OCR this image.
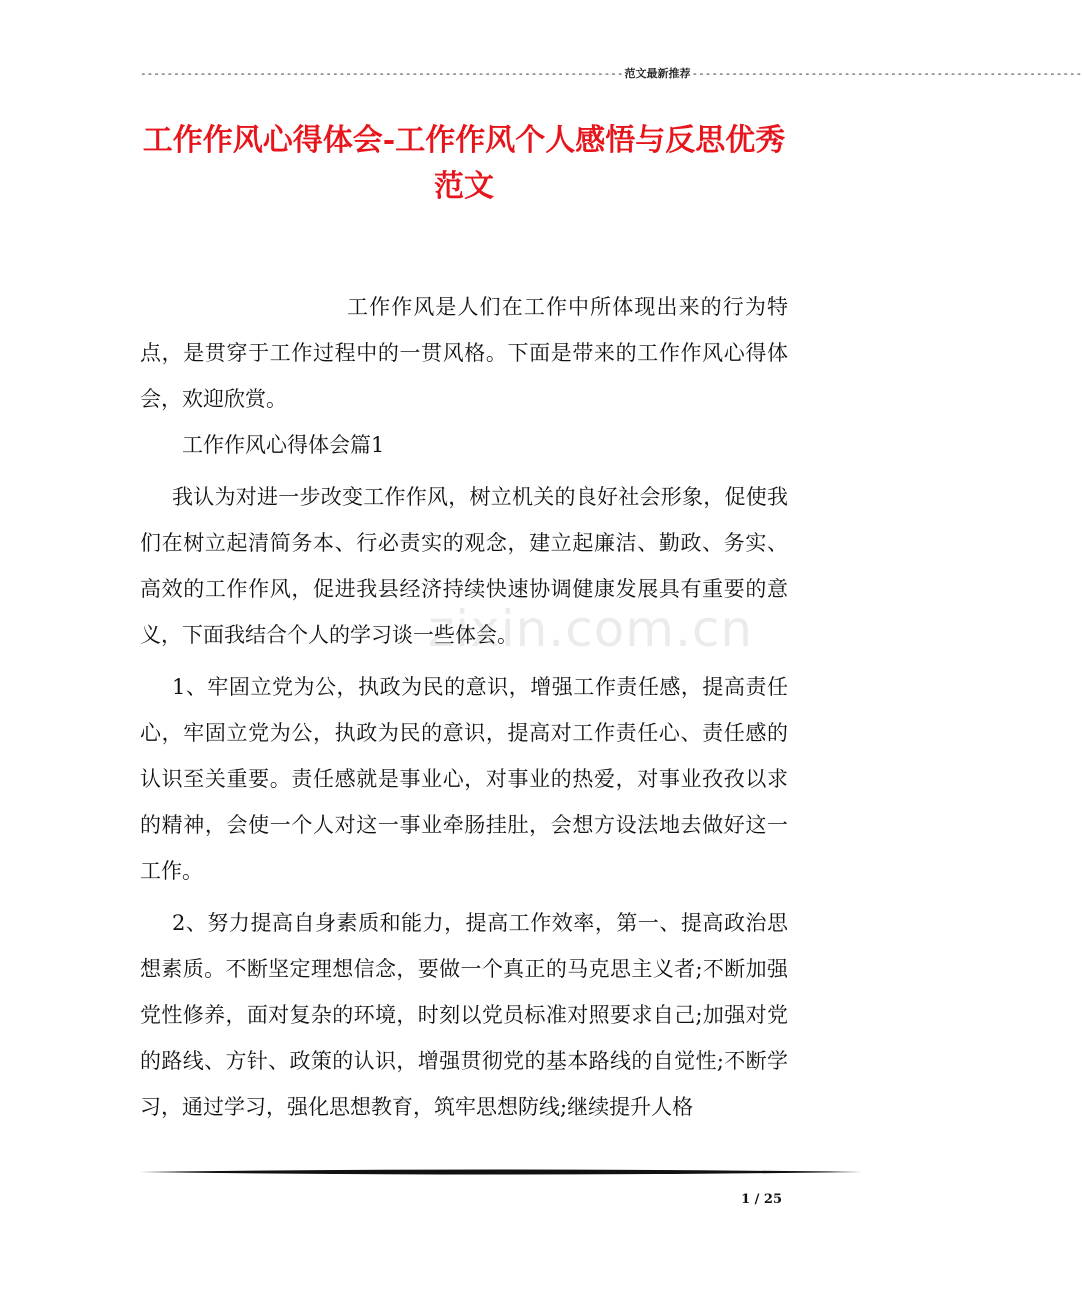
------------------------------------------------------------------------- 范文最新推荐 -----------------------------------------------------------
工作作风心得体会-工作作风个人感悟与反思优秀范文

工作作风是人们在工作中所体现出来的行为特点，是贯穿于工作过程中的一贯风格。下面是带来的工作作风心得体会，欢迎欣赏。

工作作风心得体会篇1

我认为对进一步改变工作作风，树立机关的良好社会形象，促使我们在树立起清简务本、行必责实的观念，建立起廉洁、勤政、务实、高效的工作作风，促进我县经济持续快速协调健康发展具有重要的意义，下面我结合个人的学习谈一些体会。

1、牢固立党为公，执政为民的意识，增强工作责任感，提高责任心，牢固立党为公，执政为民的意识，提高对工作责任心、责任感的认识至关重要。责任感就是事业心，对事业的热爱，对事业孜孜以求的精神，会使一个人对这一事业牵肠挂肚，会想方设法地去做好这一工作。

2、努力提高自身素质和能力，提高工作效率，第一、提高政治思想素质。不断坚定理想信念，要做一个真正的马克思主义者;不断加强党性修养，面对复杂的环境，时刻以党员标准对照要求自己;加强对党的路线、方针、政策的认识，增强贯彻党的基本路线的自觉性;不断学习，通过学习，强化思想教育，筑牢思想防线;继续提升人格

zixin.com.cn
1 / 25
